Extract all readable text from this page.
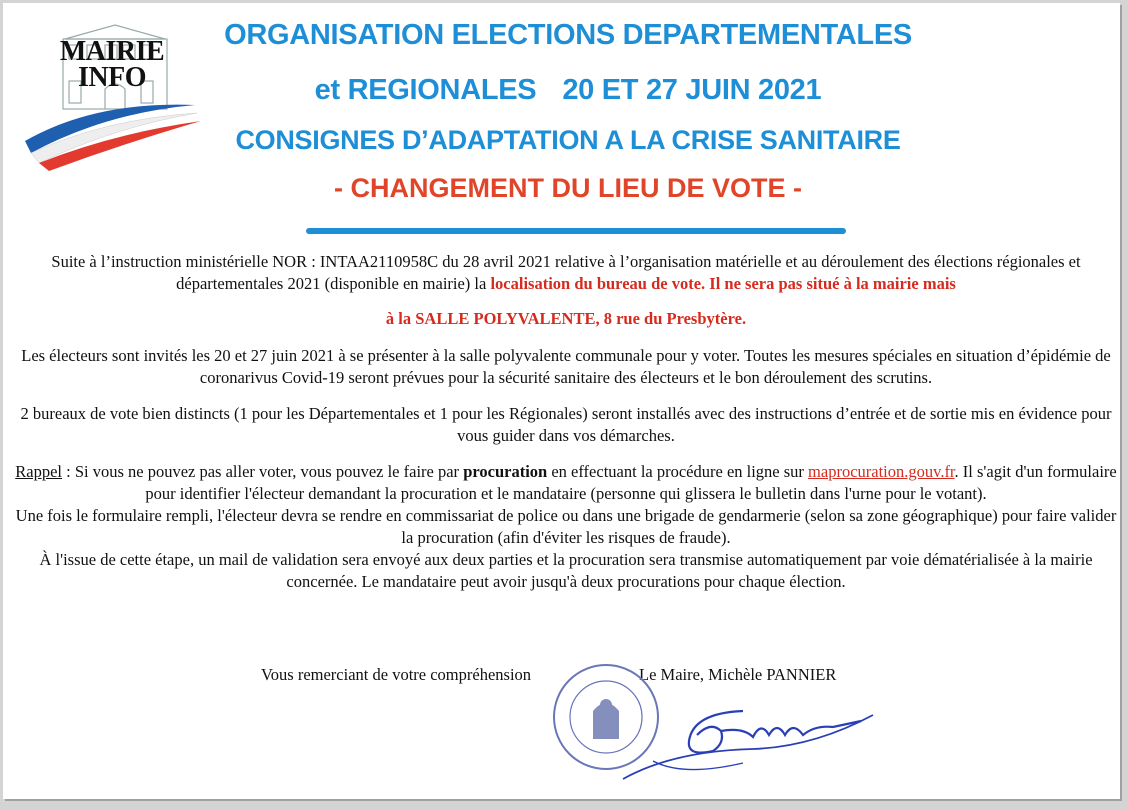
MAIRIE
INFO
ORGANISATION ELECTIONS DEPARTEMENTALES
et REGIONALES 20 ET 27 JUIN 2021
CONSIGNES D’ADAPTATION A LA CRISE SANITAIRE
- CHANGEMENT DU LIEU DE VOTE -
Suite à l’instruction ministérielle NOR : INTAA2110958C du 28 avril 2021 relative à l’organisation matérielle et au déroulement des élections régionales et départementales 2021 (disponible en mairie) la localisation du bureau de vote. Il ne sera pas situé à la mairie mais
à la SALLE POLYVALENTE, 8 rue du Presbytère.
Les électeurs sont invités les 20 et 27 juin 2021 à se présenter à la salle polyvalente communale pour y voter. Toutes les mesures spéciales en situation d’épidémie de coronarivus Covid-19 seront prévues pour la sécurité sanitaire des électeurs et le bon déroulement des scrutins.
2 bureaux de vote bien distincts (1 pour les Départementales et 1 pour les Régionales) seront installés avec des instructions d’entrée et de sortie mis en évidence pour vous guider dans vos démarches.
Rappel : Si vous ne pouvez pas aller voter, vous pouvez le faire par procuration en effectuant la procédure en ligne sur maprocuration.gouv.fr. Il s'agit d'un formulaire pour identifier l'électeur demandant la procuration et le mandataire (personne qui glissera le bulletin dans l'urne pour le votant).
Une fois le formulaire rempli, l'électeur devra se rendre en commissariat de police ou dans une brigade de gendarmerie (selon sa zone géographique) pour faire valider la procuration (afin d'éviter les risques de fraude).
À l'issue de cette étape, un mail de validation sera envoyé aux deux parties et la procuration sera transmise automatiquement par voie dématérialisée à la mairie concernée. Le mandataire peut avoir jusqu'à deux procurations pour chaque élection.
Vous remerciant de votre compréhension	Le Maire, Michèle PANNIER
